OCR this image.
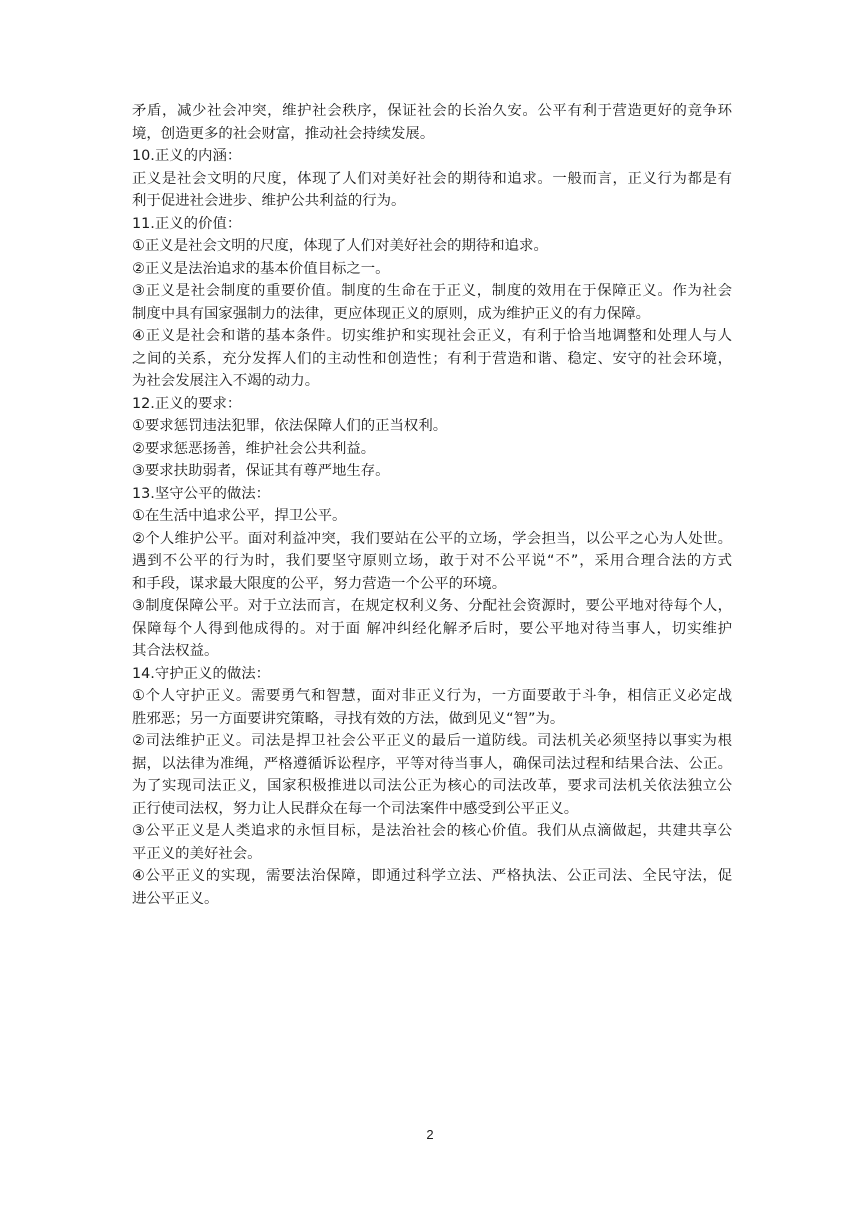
矛盾，减少社会冲突，维护社会秩序，保证社会的长治久安。公平有利于营造更好的竞争环
境，创造更多的社会财富，推动社会持续发展。
10.正义的内涵：
正义是社会文明的尺度，体现了人们对美好社会的期待和追求。一般而言，正义行为都是有
利于促进社会进步、维护公共利益的行为。
11.正义的价值：
①正义是社会文明的尺度，体现了人们对美好社会的期待和追求。
②正义是法治追求的基本价值目标之一。
③正义是社会制度的重要价值。制度的生命在于正义，制度的效用在于保障正义。作为社会
制度中具有国家强制力的法律，更应体现正义的原则，成为维护正义的有力保障。
④正义是社会和谐的基本条件。切实维护和实现社会正义，有利于恰当地调整和处理人与人
之间的关系，充分发挥人们的主动性和创造性；有利于营造和谐、稳定、安守的社会环境，
为社会发展注入不竭的动力。
12.正义的要求：
①要求惩罚违法犯罪，依法保障人们的正当权利。
②要求惩恶扬善，维护社会公共利益。
③要求扶助弱者，保证其有尊严地生存。
13.坚守公平的做法：
①在生活中追求公平，捍卫公平。
②个人维护公平。面对利益冲突，我们要站在公平的立场，学会担当，以公平之心为人处世。
遇到不公平的行为时，我们要坚守原则立场，敢于对不公平说“不”，采用合理合法的方式
和手段，谋求最大限度的公平，努力营造一个公平的环境。
③制度保障公平。对于立法而言，在规定权利义务、分配社会资源时，要公平地对待每个人，
保障每个人得到他成得的。对于面 解冲纠经化解矛后时，要公平地对待当事人，切实维护
其合法权益。
14.守护正义的做法：
①个人守护正义。需要勇气和智慧，面对非正义行为，一方面要敢于斗争，相信正义必定战
胜邪恶；另一方面要讲究策略，寻找有效的方法，做到见义“智”为。
②司法维护正义。司法是捍卫社会公平正义的最后一道防线。司法机关必须坚持以事实为根
据，以法律为准绳，严格遵循诉讼程序，平等对待当事人，确保司法过程和结果合法、公正。
为了实现司法正义，国家积极推进以司法公正为核心的司法改革，要求司法机关依法独立公
正行使司法权，努力让人民群众在每一个司法案件中感受到公平正义。
③公平正义是人类追求的永恒目标，是法治社会的核心价值。我们从点滴做起，共建共享公
平正义的美好社会。
④公平正义的实现，需要法治保障，即通过科学立法、严格执法、公正司法、全民守法，促
进公平正义。
2
